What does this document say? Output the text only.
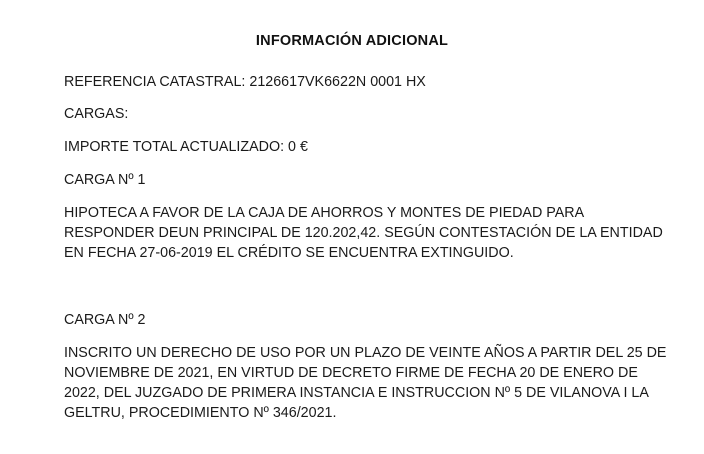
INFORMACIÓN ADICIONAL

REFERENCIA CATASTRAL: 2126617VK6622N 0001 HX

CARGAS:

IMPORTE TOTAL ACTUALIZADO: 0 €

CARGA Nº 1

HIPOTECA A FAVOR DE LA CAJA DE AHORROS Y MONTES DE PIEDAD PARA RESPONDER DEUN PRINCIPAL DE 120.202,42. SEGÚN CONTESTACIÓN DE LA ENTIDAD EN FECHA 27-06-2019 EL CRÉDITO SE ENCUENTRA EXTINGUIDO.

CARGA Nº 2

INSCRITO UN DERECHO DE USO POR UN PLAZO DE VEINTE AÑOS A PARTIR DEL 25 DE NOVIEMBRE DE 2021, EN VIRTUD DE DECRETO FIRME DE FECHA 20 DE ENERO DE 2022, DEL JUZGADO DE PRIMERA INSTANCIA E INSTRUCCION Nº 5 DE VILANOVA I LA GELTRU, PROCEDIMIENTO Nº 346/2021.
